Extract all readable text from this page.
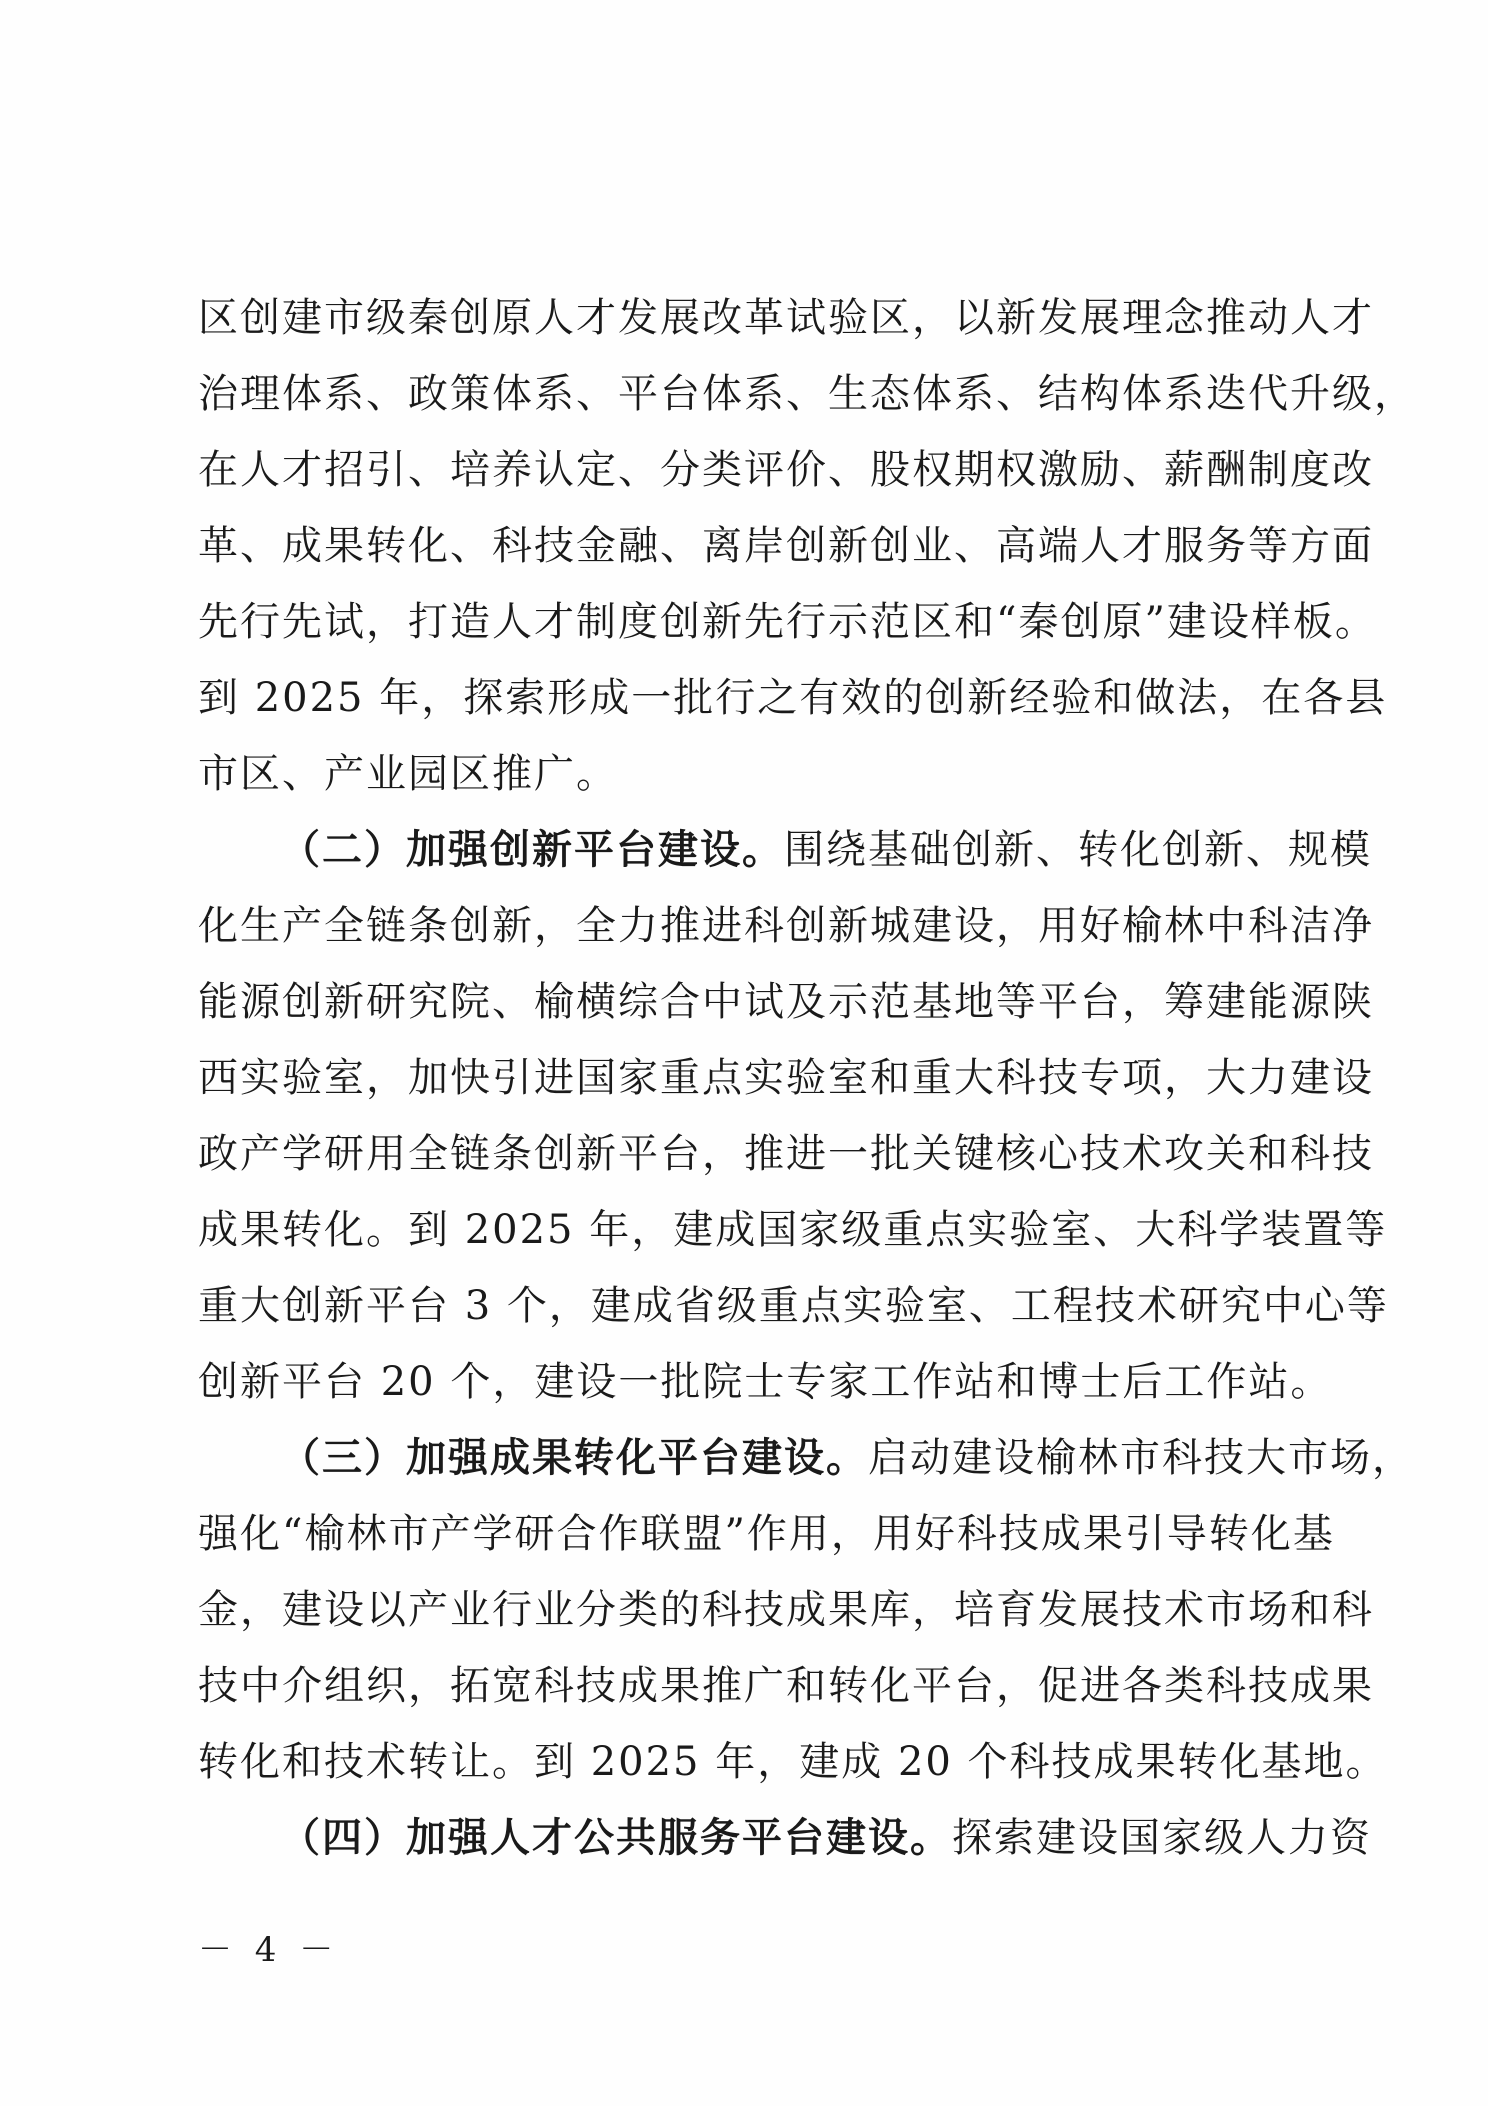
区创建市级秦创原人才发展改革试验区，以新发展理念推动人才
治理体系、政策体系、平台体系、生态体系、结构体系迭代升级，
在人才招引、培养认定、分类评价、股权期权激励、薪酬制度改
革、成果转化、科技金融、离岸创新创业、高端人才服务等方面
先行先试，打造人才制度创新先行示范区和“秦创原”建设样板。
到 2025 年，探索形成一批行之有效的创新经验和做法，在各县
市区、产业园区推广。
（二）加强创新平台建设。围绕基础创新、转化创新、规模
化生产全链条创新，全力推进科创新城建设，用好榆林中科洁净
能源创新研究院、榆横综合中试及示范基地等平台，筹建能源陕
西实验室，加快引进国家重点实验室和重大科技专项，大力建设
政产学研用全链条创新平台，推进一批关键核心技术攻关和科技
成果转化。到 2025 年，建成国家级重点实验室、大科学装置等
重大创新平台 3 个，建成省级重点实验室、工程技术研究中心等
创新平台 20 个，建设一批院士专家工作站和博士后工作站。
（三）加强成果转化平台建设。启动建设榆林市科技大市场，
强化“榆林市产学研合作联盟”作用，用好科技成果引导转化基
金，建设以产业行业分类的科技成果库，培育发展技术市场和科
技中介组织，拓宽科技成果推广和转化平台，促进各类科技成果
转化和技术转让。到 2025 年，建成 20 个科技成果转化基地。
（四）加强人才公共服务平台建设。探索建设国家级人力资
－ 4 －
